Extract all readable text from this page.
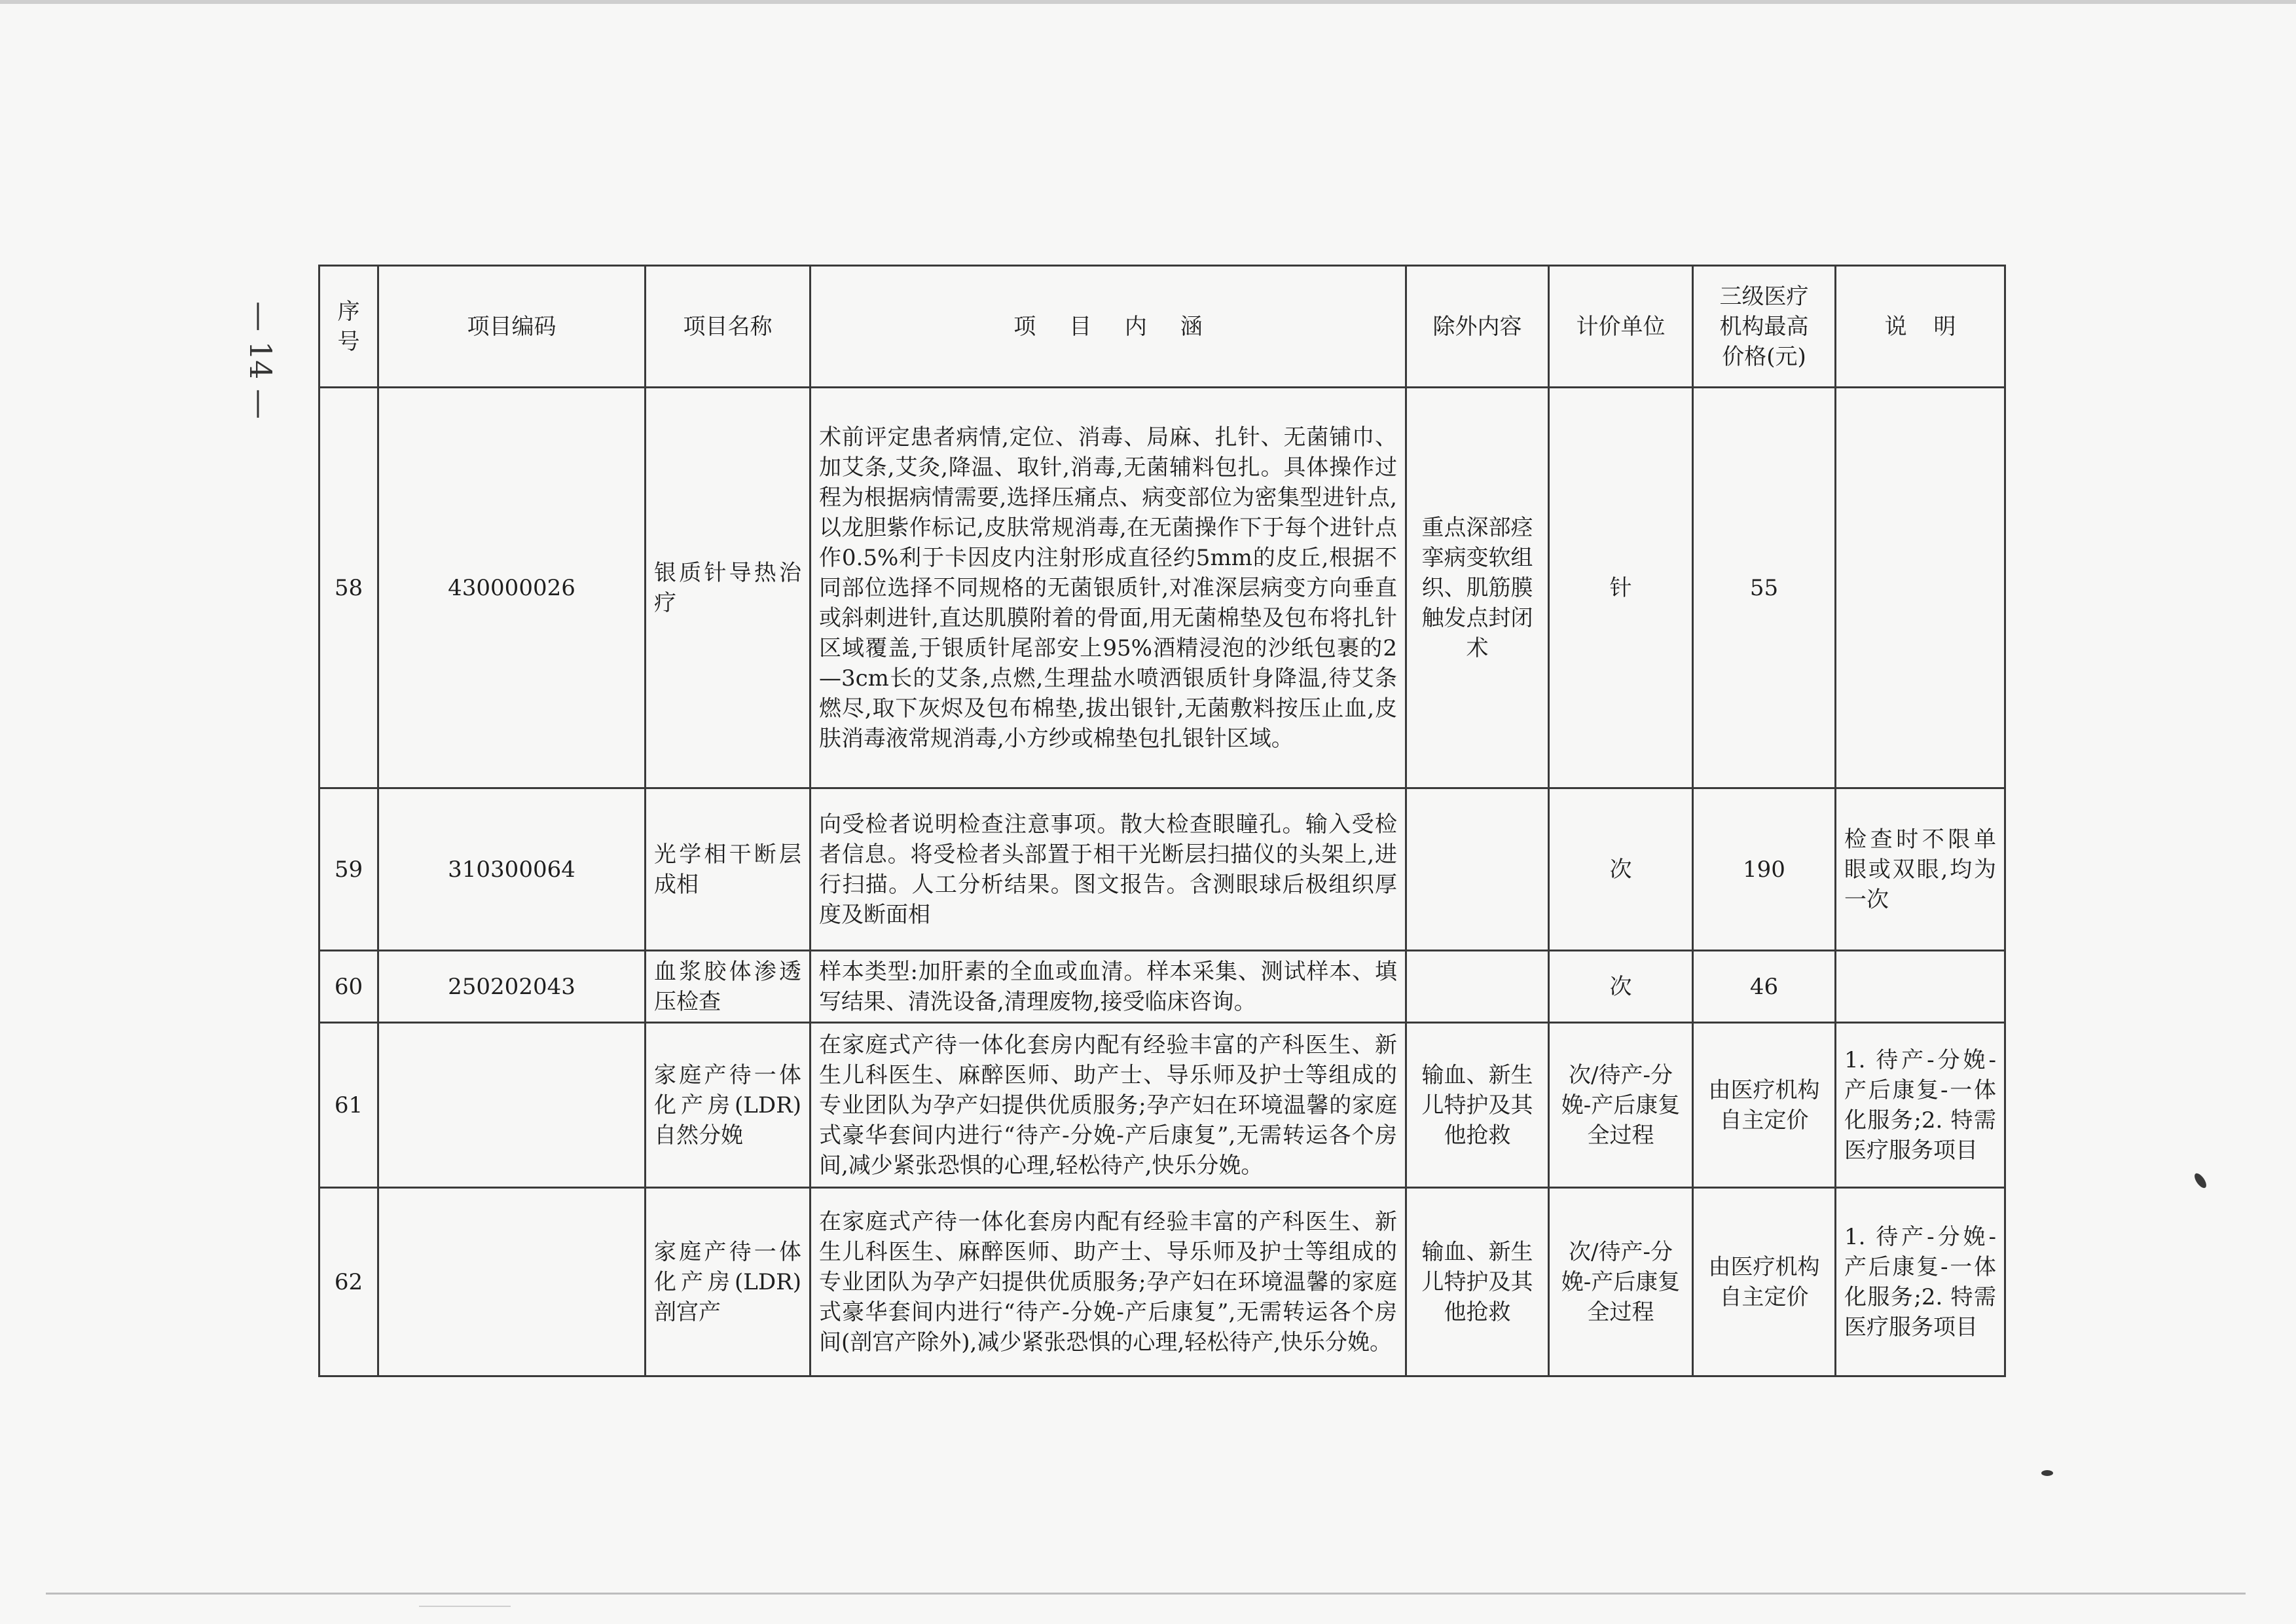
— 14 —	序号	项目编码	项目名称	项 目 内 涵	除外内容	计价单位	三级医疗机构最高价格(元)	说 明
58	430000026	银质针导热治疗	术前评定患者病情,定位、消毒、局麻、扎针、无菌铺巾、加艾条,艾灸,降温、取针,消毒,无菌辅料包扎。具体操作过程为根据病情需要,选择压痛点、病变部位为密集型进针点,以龙胆紫作标记,皮肤常规消毒,在无菌操作下于每个进针点作0.5%利于卡因皮内注射形成直径约5mm的皮丘,根据不同部位选择不同规格的无菌银质针,对准深层病变方向垂直或斜刺进针,直达肌膜附着的骨面,用无菌棉垫及包布将扎针区域覆盖,于银质针尾部安上95%酒精浸泡的沙纸包裹的2—3cm长的艾条,点燃,生理盐水喷洒银质针身降温,待艾条燃尽,取下灰烬及包布棉垫,拔出银针,无菌敷料按压止血,皮肤消毒液常规消毒,小方纱或棉垫包扎银针区域。	重点深部痉挛病变软组织、肌筋膜触发点封闭术	针	55	
59	310300064	光学相干断层成相	向受检者说明检查注意事项。散大检查眼瞳孔。输入受检者信息。将受检者头部置于相干光断层扫描仪的头架上,进行扫描。人工分析结果。图文报告。含测眼球后极组织厚度及断面相		次	190	检查时不限单眼或双眼,均为一次
60	250202043	血浆胶体渗透压检查	样本类型:加肝素的全血或血清。样本采集、测试样本、填写结果、清洗设备,清理废物,接受临床咨询。		次	46	
61		家庭产待一体化产房(LDR)自然分娩	在家庭式产待一体化套房内配有经验丰富的产科医生、新生儿科医生、麻醉医师、助产士、导乐师及护士等组成的专业团队为孕产妇提供优质服务;孕产妇在环境温馨的家庭式豪华套间内进行“待产-分娩-产后康复”,无需转运各个房间,减少紧张恐惧的心理,轻松待产,快乐分娩。	输血、新生儿特护及其他抢救	次/待产-分娩-产后康复全过程	由医疗机构自主定价	1. 待产-分娩-产后康复-一体化服务;2. 特需医疗服务项目
62		家庭产待一体化产房(LDR)剖宫产	在家庭式产待一体化套房内配有经验丰富的产科医生、新生儿科医生、麻醉医师、助产士、导乐师及护士等组成的专业团队为孕产妇提供优质服务;孕产妇在环境温馨的家庭式豪华套间内进行“待产-分娩-产后康复”,无需转运各个房间(剖宫产除外),减少紧张恐惧的心理,轻松待产,快乐分娩。	输血、新生儿特护及其他抢救	次/待产-分娩-产后康复全过程	由医疗机构自主定价	1. 待产-分娩-产后康复-一体化服务;2. 特需医疗服务项目
